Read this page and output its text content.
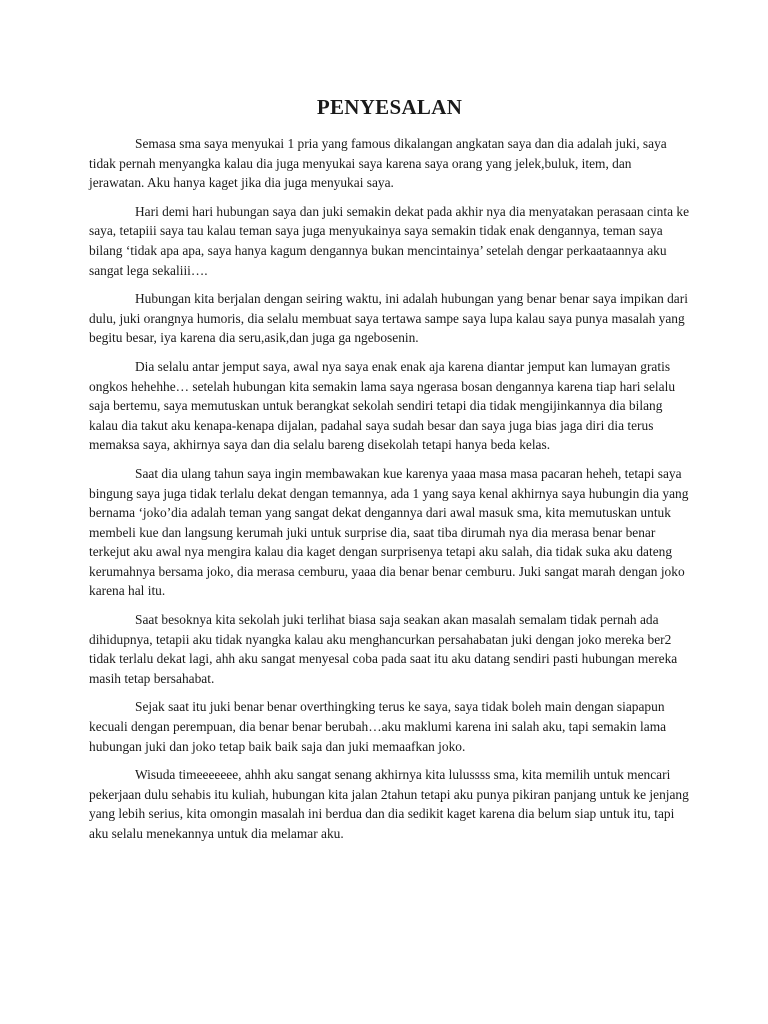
PENYESALAN

Semasa sma saya menyukai 1 pria yang famous dikalangan angkatan saya dan dia adalah juki, saya tidak pernah menyangka kalau dia juga menyukai saya karena saya orang yang jelek,buluk, item, dan jerawatan. Aku hanya kaget jika dia juga menyukai saya.

Hari demi hari hubungan saya dan juki semakin dekat pada akhir nya dia menyatakan perasaan cinta ke saya, tetapiii saya tau kalau teman saya juga menyukainya saya semakin tidak enak dengannya, teman saya bilang ‘tidak apa apa, saya hanya kagum dengannya bukan mencintainya’ setelah dengar perkaataannya aku sangat lega sekaliii….

Hubungan kita berjalan dengan seiring waktu, ini adalah hubungan yang benar benar saya impikan dari dulu, juki orangnya humoris, dia selalu membuat saya tertawa sampe saya lupa kalau saya punya masalah yang begitu besar, iya karena dia seru,asik,dan juga ga ngebosenin.

Dia selalu antar jemput saya, awal nya saya enak enak aja karena diantar jemput kan lumayan gratis ongkos hehehhe… setelah hubungan kita semakin lama saya ngerasa bosan dengannya karena tiap hari selalu saja bertemu, saya memutuskan untuk berangkat sekolah sendiri tetapi dia tidak mengijinkannya dia bilang kalau dia takut aku kenapa-kenapa dijalan, padahal saya sudah besar dan saya juga bias jaga diri dia terus memaksa saya, akhirnya saya dan dia selalu bareng disekolah tetapi hanya beda kelas.

Saat dia ulang tahun saya ingin membawakan kue karenya yaaa masa masa pacaran heheh, tetapi saya bingung saya juga tidak terlalu dekat dengan temannya, ada 1 yang saya kenal akhirnya saya hubungin dia yang bernama ‘joko’dia adalah teman yang sangat dekat dengannya dari awal masuk sma, kita memutuskan untuk membeli kue dan langsung kerumah juki untuk surprise dia, saat tiba dirumah nya dia merasa benar benar terkejut aku awal nya mengira kalau dia kaget dengan surprisenya tetapi aku salah, dia tidak suka aku dateng kerumahnya bersama joko, dia merasa cemburu, yaaa dia benar benar cemburu. Juki sangat marah dengan joko karena hal itu.

Saat besoknya kita sekolah juki terlihat biasa saja seakan akan masalah semalam tidak pernah ada dihidupnya, tetapii aku tidak nyangka kalau aku menghancurkan persahabatan juki dengan joko mereka ber2 tidak terlalu dekat lagi, ahh aku sangat menyesal coba pada saat itu aku datang sendiri pasti hubungan mereka masih tetap bersahabat.

Sejak saat itu juki benar benar overthingking terus ke saya, saya tidak boleh main dengan siapapun kecuali dengan perempuan, dia benar benar berubah…aku maklumi karena ini salah aku, tapi semakin lama hubungan juki dan joko tetap baik baik saja dan juki memaafkan joko.

Wisuda timeeeeeee, ahhh aku sangat senang akhirnya kita lulussss sma, kita memilih untuk mencari pekerjaan dulu sehabis itu kuliah, hubungan kita jalan 2tahun tetapi aku punya pikiran panjang untuk ke jenjang yang lebih serius, kita omongin masalah ini berdua dan dia sedikit kaget karena dia belum siap untuk itu, tapi aku selalu menekannya untuk dia melamar aku.
